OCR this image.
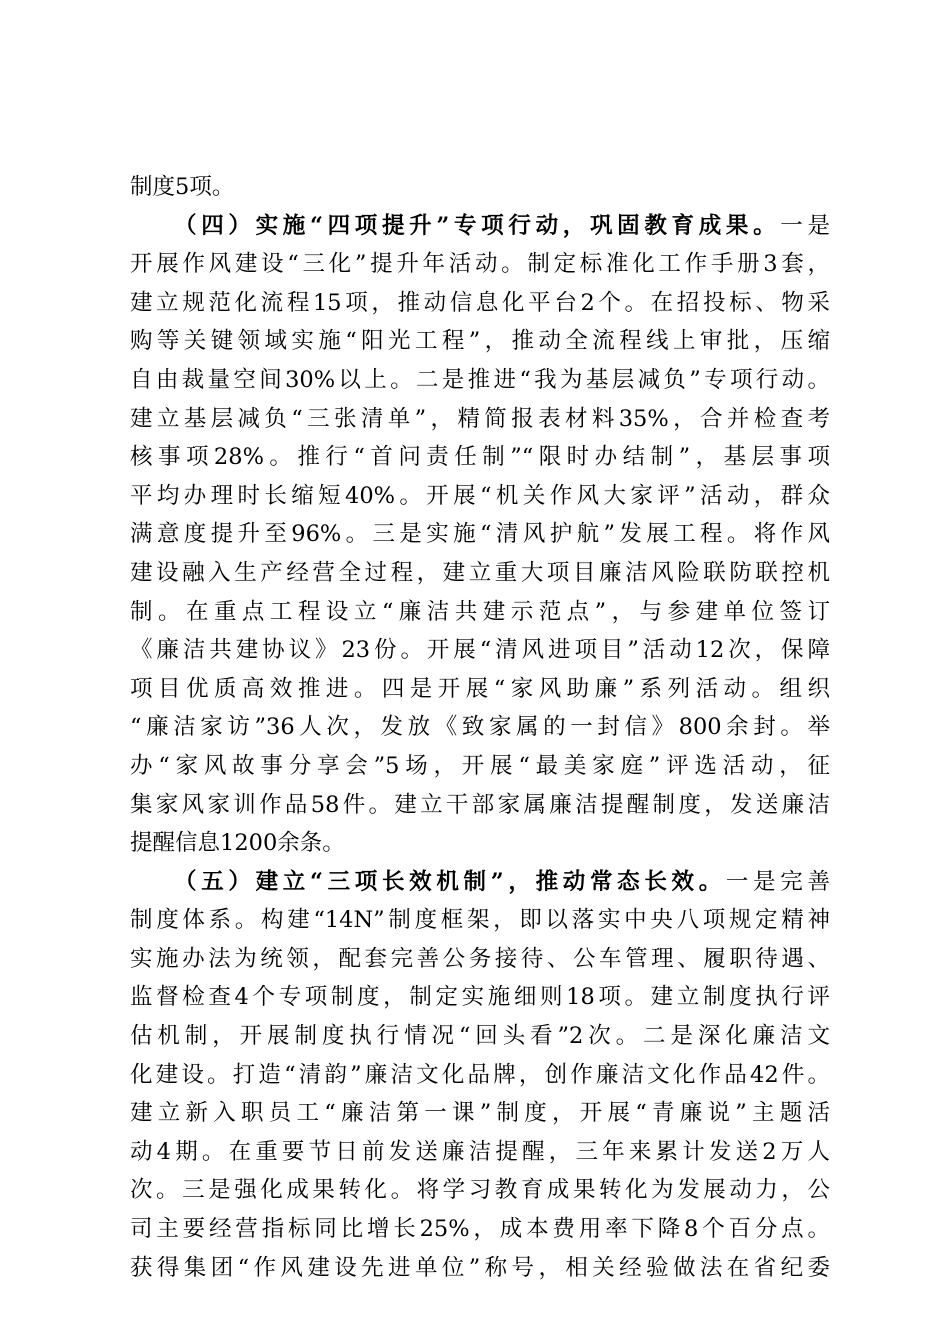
制度5项。
（四）实施“四项提升”专项行动，巩固教育成果。一是
开展作风建设“三化”提升年活动。制定标准化工作手册3套，
建立规范化流程15项，推动信息化平台2个。在招投标、物采
购等关键领域实施“阳光工程”，推动全流程线上审批，压缩
自由裁量空间30%以上。二是推进“我为基层减负”专项行动。
建立基层减负“三张清单”，精简报表材料35%，合并检查考
核事项28%。推行“首问责任制”“限时办结制”，基层事项
平均办理时长缩短40%。开展“机关作风大家评”活动，群众
满意度提升至96%。三是实施“清风护航”发展工程。将作风
建设融入生产经营全过程，建立重大项目廉洁风险联防联控机
制。在重点工程设立“廉洁共建示范点”，与参建单位签订
《廉洁共建协议》23份。开展“清风进项目”活动12次，保障
项目优质高效推进。四是开展“家风助廉”系列活动。组织
“廉洁家访”36人次，发放《致家属的一封信》800余封。举
办“家风故事分享会”5场，开展“最美家庭”评选活动，征
集家风家训作品58件。建立干部家属廉洁提醒制度，发送廉洁
提醒信息1200余条。
（五）建立“三项长效机制”，推动常态长效。一是完善
制度体系。构建“14N”制度框架，即以落实中央八项规定精神
实施办法为统领，配套完善公务接待、公车管理、履职待遇、
监督检查4个专项制度，制定实施细则18项。建立制度执行评
估机制，开展制度执行情况“回头看”2次。二是深化廉洁文
化建设。打造“清韵”廉洁文化品牌，创作廉洁文化作品42件。
建立新入职员工“廉洁第一课”制度，开展“青廉说”主题活
动4期。在重要节日前发送廉洁提醒，三年来累计发送2万人
次。三是强化成果转化。将学习教育成果转化为发展动力，公
司主要经营指标同比增长25%，成本费用率下降8个百分点。
获得集团“作风建设先进单位”称号，相关经验做法在省纪委
